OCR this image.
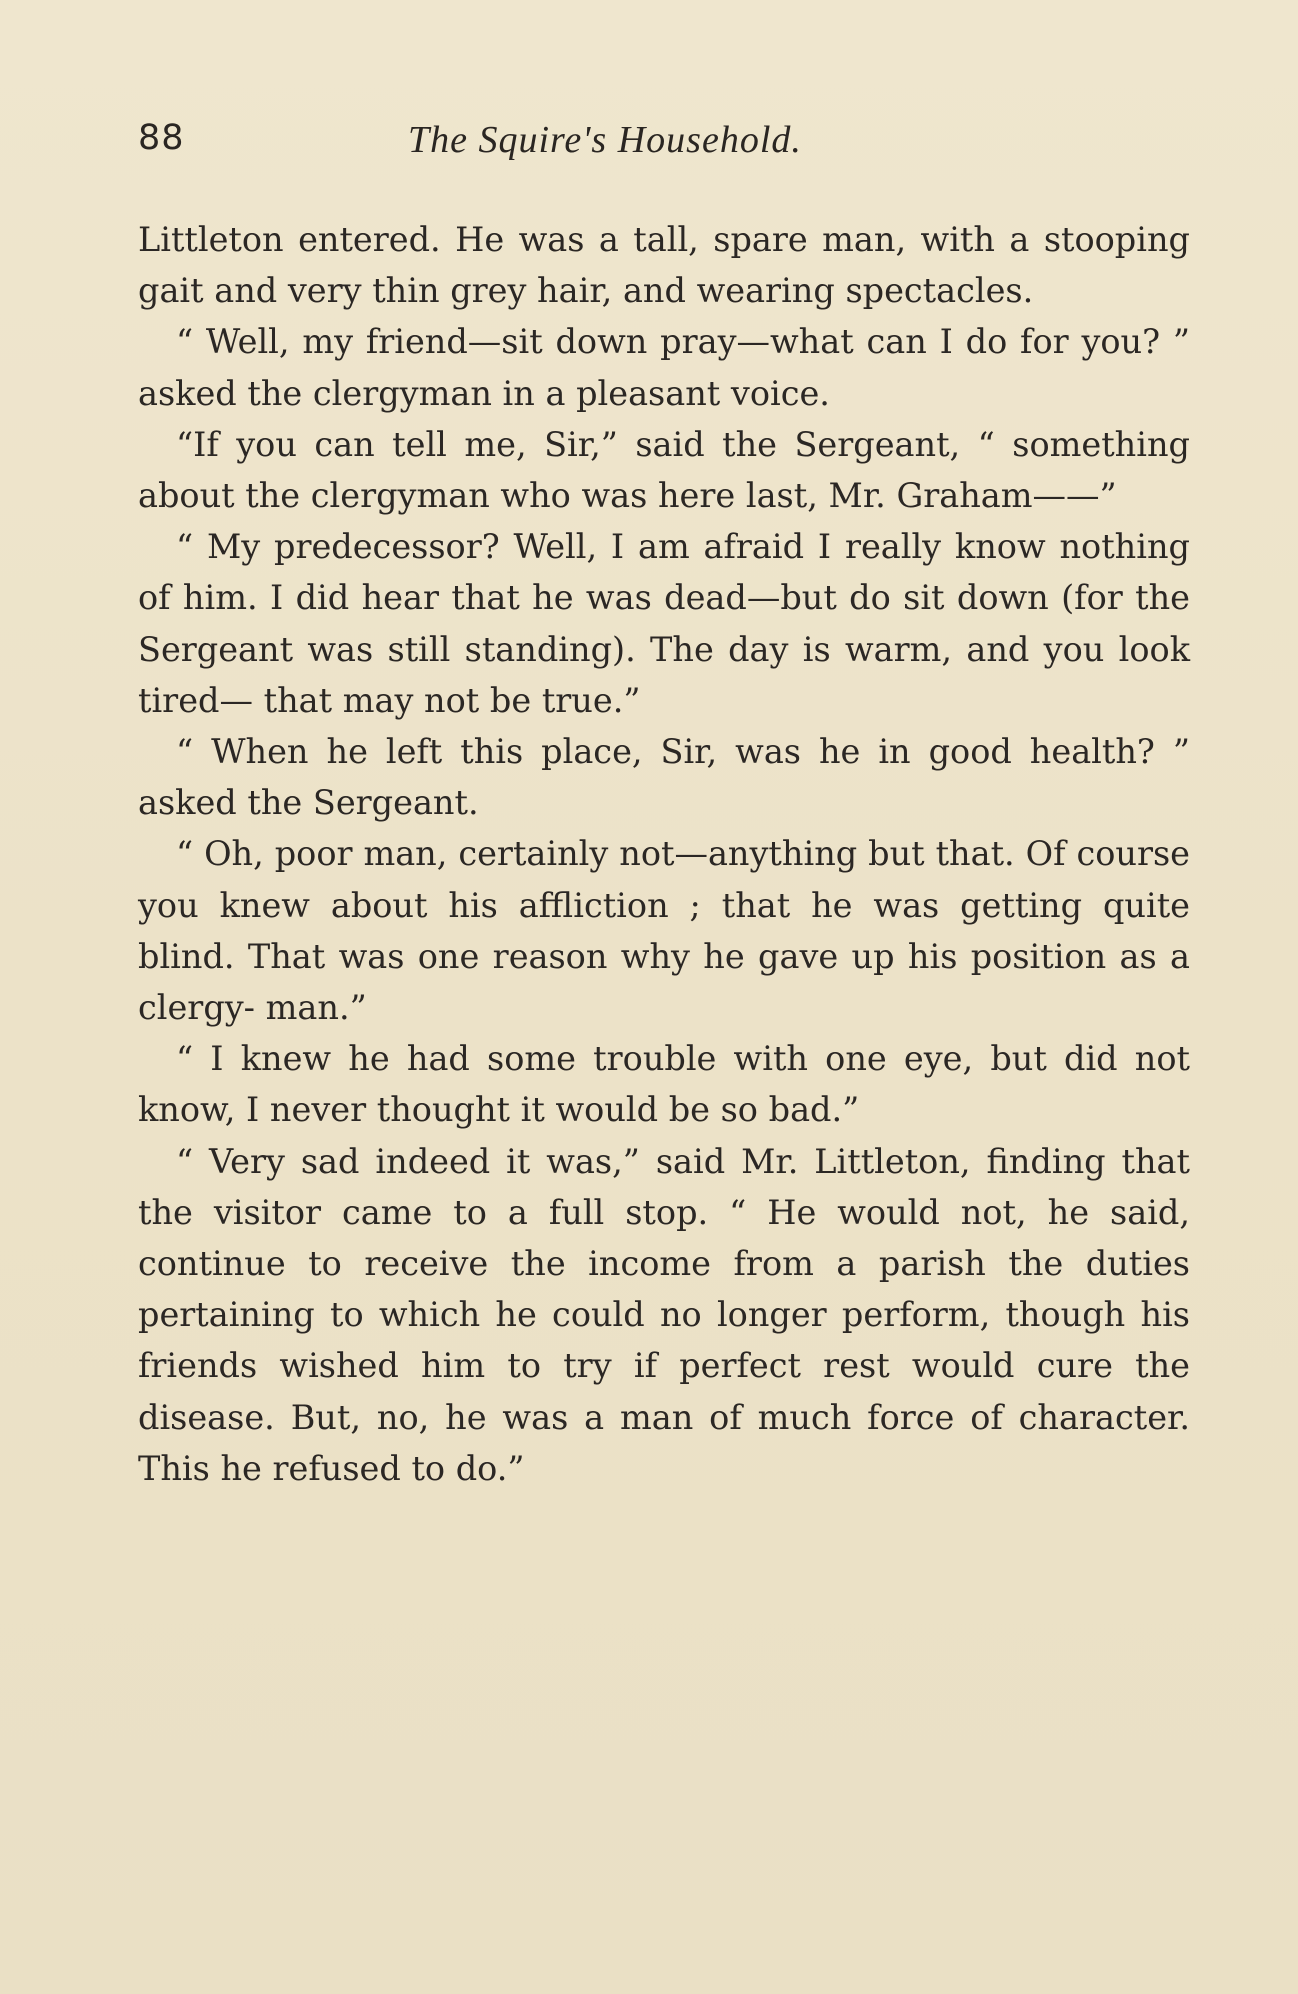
88	The Squire's Household.

Littleton entered. He was a tall, spare man, with a stooping gait and very thin grey hair, and wearing spectacles.

“ Well, my friend—sit down pray—what can I do for you? ” asked the clergyman in a pleasant voice.

“If you can tell me, Sir,” said the Sergeant, “ something about the clergyman who was here last, Mr. Graham——”

“ My predecessor? Well, I am afraid I really know nothing of him. I did hear that he was dead—but do sit down (for the Sergeant was still standing). The day is warm, and you look tired— that may not be true.”

“ When he left this place, Sir, was he in good health? ” asked the Sergeant.

“ Oh, poor man, certainly not—anything but that. Of course you knew about his affliction ; that he was getting quite blind. That was one reason why he gave up his position as a clergy- man.”

“ I knew he had some trouble with one eye, but did not know, I never thought it would be so bad.”

“ Very sad indeed it was,” said Mr. Littleton, finding that the visitor came to a full stop. “ He would not, he said, continue to receive the income from a parish the duties pertaining to which he could no longer perform, though his friends wished him to try if perfect rest would cure the disease. But, no, he was a man of much force of character. This he refused to do.”
